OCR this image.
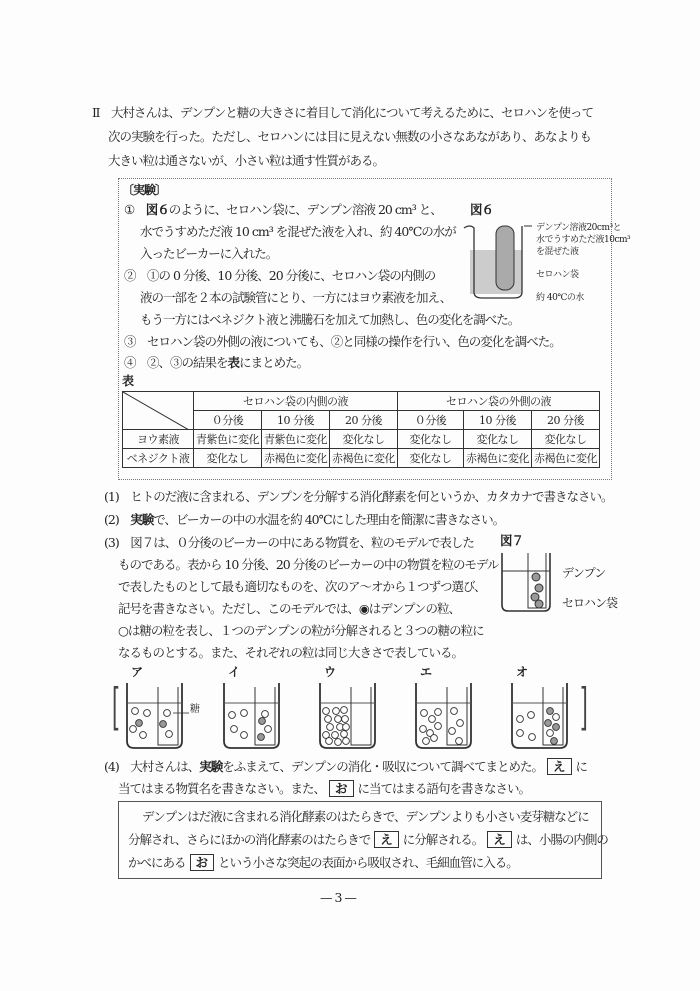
Ⅱ　 大村さんは、デンプンと糖の大きさに着目して消化について考えるために、セロハンを使って
次の実験を行った。ただし、セロハンには目に見えない無数の小さなあながあり、あなよりも
大きい粒は通さないが、小さい粒は通す性質がある。
〔実験〕
①　 図６のように、セロハン袋に、デンプン溶液 20 cm³ と、
水でうすめただ液 10 cm³ を混ぜた液を入れ、約 40℃の水が
入ったビーカーに入れた。
②　 ①の 0 分後、10 分後、20 分後に、セロハン袋の内側の
液の一部を２本の試験管にとり、一方にはヨウ素液を加え、
もう一方にはベネジクト液と沸騰石を加えて加熱し、色の変化を調べた。
③　 セロハン袋の外側の液についても、②と同様の操作を行い、色の変化を調べた。
④　 ②、③の結果を表にまとめた。
図６
デンプン溶液20cm³と
水でうすめただ液10cm³
を混ぜた液
セロハン袋
約 40℃の水
表
	セロハン袋の内側の液			セロハン袋の外側の液		
	０分後	10 分後	20 分後	０分後	10 分後	20 分後
ヨウ素液	青紫色に変化	青紫色に変化	変化なし	変化なし	変化なし	変化なし
ベネジクト液	変化なし	赤褐色に変化	赤褐色に変化	変化なし	赤褐色に変化	赤褐色に変化
(1)　 ヒトのだ液に含まれる、デンプンを分解する消化酵素を何というか、カタカナで書きなさい。
(2)　 実験で、ビーカーの中の水温を約 40℃にした理由を簡潔に書きなさい。
(3)　 図７は、０分後のビーカーの中にある物質を、粒のモデルで表した
ものである。表から 10 分後、20 分後のビーカーの中の物質を粒のモデル
で表したものとして最も適切なものを、次のア～オから１つずつ選び、
記号を書きなさい。ただし、このモデルでは、◉はデンプンの粒、
○は糖の粒を表し、１つのデンプンの粒が分解されると３つの糖の粒に
なるものとする。また、それぞれの粒は同じ大きさで表している。
図７
デンプン
セロハン袋
[	]
ア	イ	ウ	エ	オ
糖
(4)　 大村さんは、実験をふまえて、デンプンの消化・吸収について調べてまとめた。 え に
当てはまる物質名を書きなさい。また、 お に当てはまる語句を書きなさい。
デンプンはだ液に含まれる消化酵素のはたらきで、デンプンよりも小さい麦芽糖などに
分解され、さらにほかの消化酵素のはたらきで え に分解される。 え は、小腸の内側の
かべにある お という小さな突起の表面から吸収され、毛細血管に入る。
— 3 —
